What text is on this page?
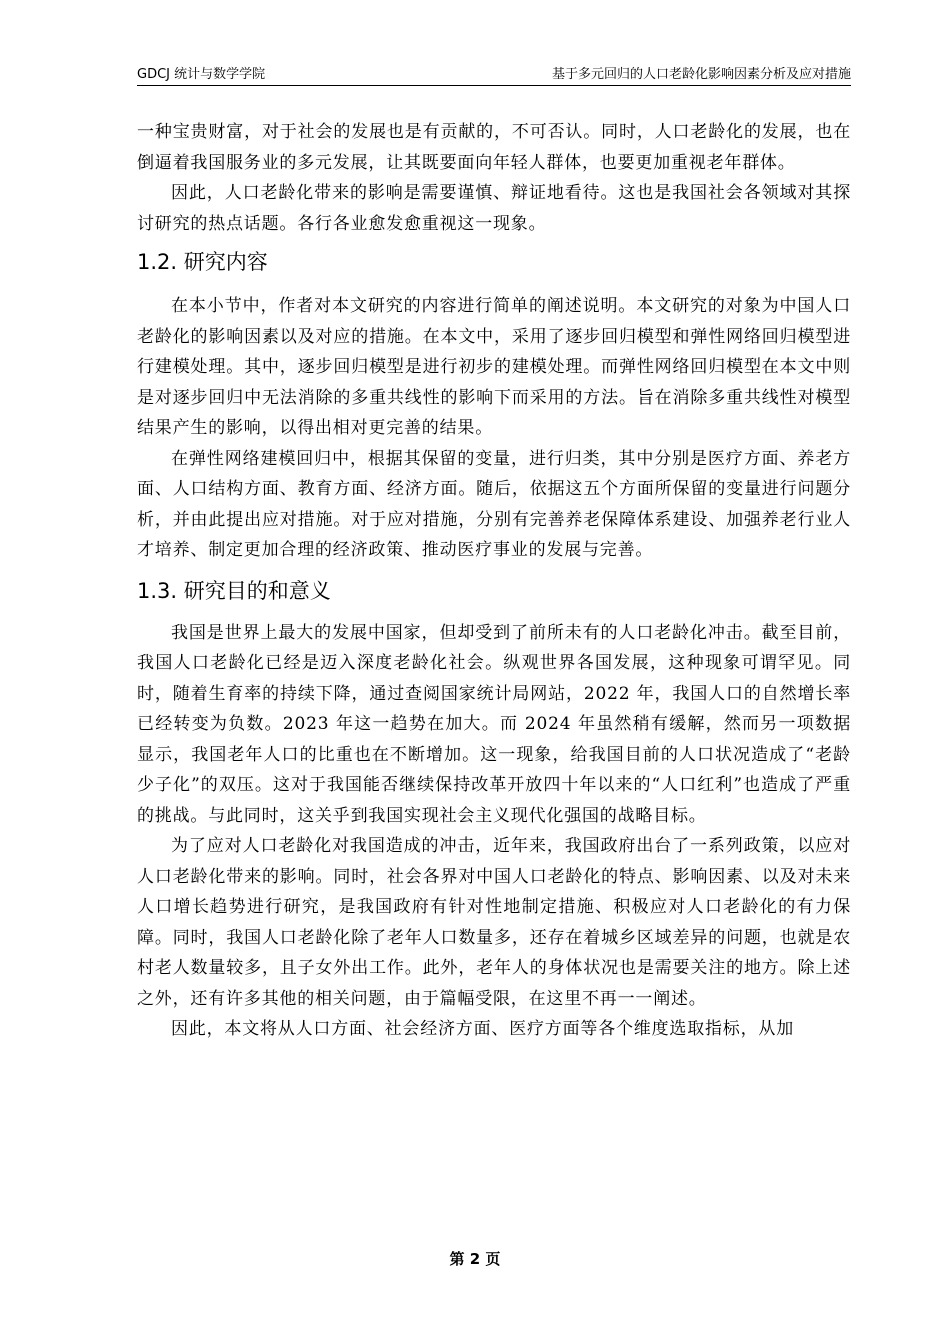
GDCJ 统计与数学学院	基于多元回归的人口老龄化影响因素分析及应对措施

一种宝贵财富，对于社会的发展也是有贡献的，不可否认。同时，人口老龄化的发展，也在倒逼着我国服务业的多元发展，让其既要面向年轻人群体，也要更加重视老年群体。

因此，人口老龄化带来的影响是需要谨慎、辩证地看待。这也是我国社会各领域对其探讨研究的热点话题。各行各业愈发愈重视这一现象。

1.2. 研究内容

在本小节中，作者对本文研究的内容进行简单的阐述说明。本文研究的对象为中国人口老龄化的影响因素以及对应的措施。在本文中，采用了逐步回归模型和弹性网络回归模型进行建模处理。其中，逐步回归模型是进行初步的建模处理。而弹性网络回归模型在本文中则是对逐步回归中无法消除的多重共线性的影响下而采用的方法。旨在消除多重共线性对模型结果产生的影响，以得出相对更完善的结果。

在弹性网络建模回归中，根据其保留的变量，进行归类，其中分别是医疗方面、养老方面、人口结构方面、教育方面、经济方面。随后，依据这五个方面所保留的变量进行问题分析，并由此提出应对措施。对于应对措施，分别有完善养老保障体系建设、加强养老行业人才培养、制定更加合理的经济政策、推动医疗事业的发展与完善。

1.3. 研究目的和意义

我国是世界上最大的发展中国家，但却受到了前所未有的人口老龄化冲击。截至目前，我国人口老龄化已经是迈入深度老龄化社会。纵观世界各国发展，这种现象可谓罕见。同时，随着生育率的持续下降，通过查阅国家统计局网站，2022 年，我国人口的自然增长率已经转变为负数。2023 年这一趋势在加大。而 2024 年虽然稍有缓解，然而另一项数据显示，我国老年人口的比重也在不断增加。这一现象，给我国目前的人口状况造成了“老龄少子化”的双压。这对于我国能否继续保持改革开放四十年以来的“人口红利”也造成了严重的挑战。与此同时，这关乎到我国实现社会主义现代化强国的战略目标。

为了应对人口老龄化对我国造成的冲击，近年来，我国政府出台了一系列政策，以应对人口老龄化带来的影响。同时，社会各界对中国人口老龄化的特点、影响因素、以及对未来人口增长趋势进行研究，是我国政府有针对性地制定措施、积极应对人口老龄化的有力保障。同时，我国人口老龄化除了老年人口数量多，还存在着城乡区域差异的问题，也就是农村老人数量较多，且子女外出工作。此外，老年人的身体状况也是需要关注的地方。除上述之外，还有许多其他的相关问题，由于篇幅受限，在这里不再一一阐述。

因此，本文将从人口方面、社会经济方面、医疗方面等各个维度选取指标，从加

第 2 页
